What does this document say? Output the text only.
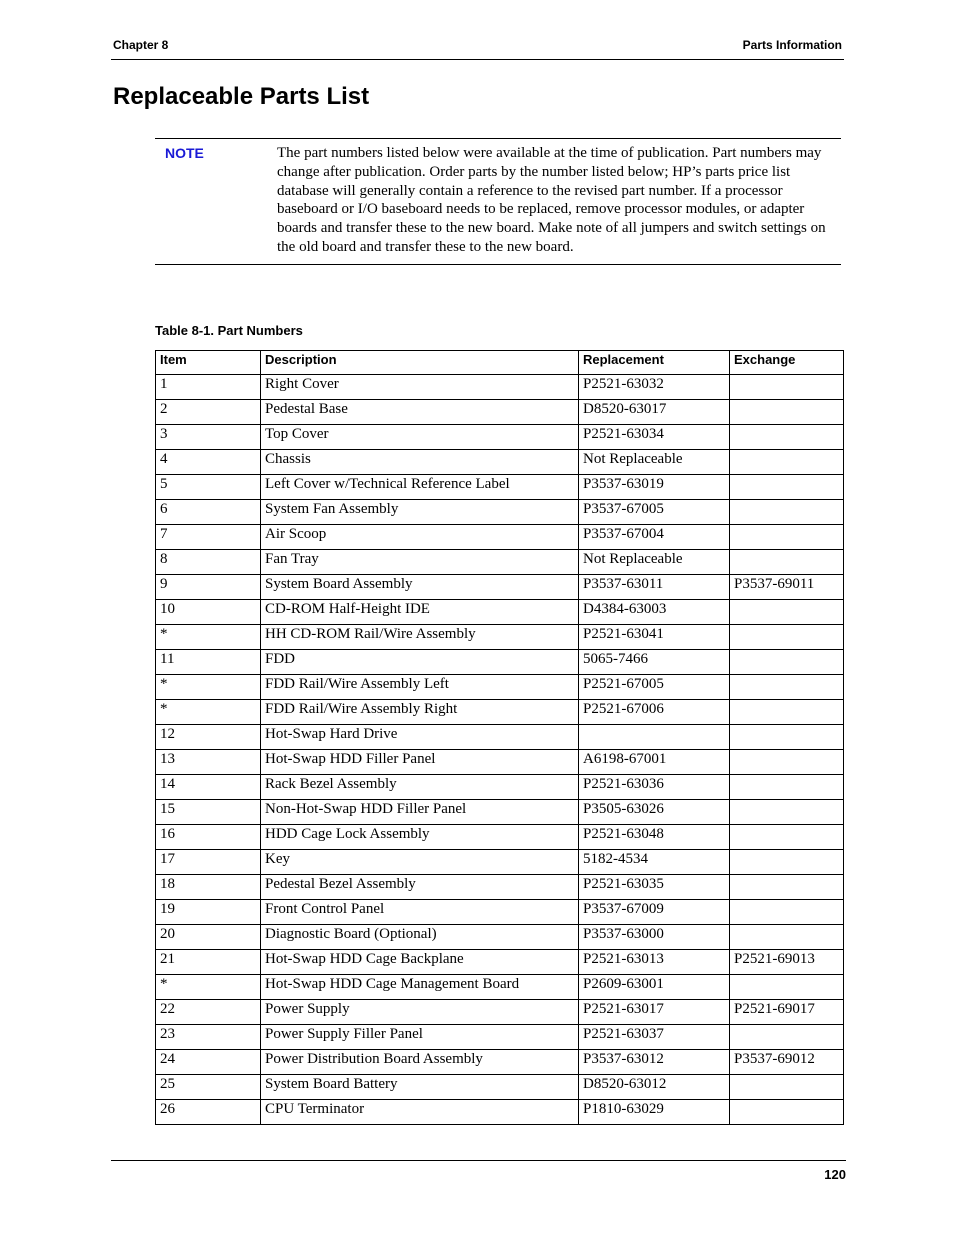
Chapter 8	Parts Information
Replaceable Parts List
NOTE	The part numbers listed below were available at the time of publication. Part numbers may change after publication. Order parts by the number listed below; HP’s parts price list database will generally contain a reference to the revised part number. If a processor baseboard or I/O baseboard needs to be replaced, remove processor modules, or adapter boards and transfer these to the new board. Make note of all jumpers and switch settings on the old board and transfer these to the new board.
Table 8-1. Part Numbers
Item	Description	Replacement	Exchange
1	Right Cover	P2521-63032	
2	Pedestal Base	D8520-63017	
3	Top Cover	P2521-63034	
4	Chassis	Not Replaceable	
5	Left Cover w/Technical Reference Label	P3537-63019	
6	System Fan Assembly	P3537-67005	
7	Air Scoop	P3537-67004	
8	Fan Tray	Not Replaceable	
9	System Board Assembly	P3537-63011	P3537-69011
10	CD-ROM Half-Height IDE	D4384-63003	
*	HH CD-ROM Rail/Wire Assembly	P2521-63041	
11	FDD	5065-7466	
*	FDD Rail/Wire Assembly Left	P2521-67005	
*	FDD Rail/Wire Assembly Right	P2521-67006	
12	Hot-Swap Hard Drive		
13	Hot-Swap HDD Filler Panel	A6198-67001	
14	Rack Bezel Assembly	P2521-63036	
15	Non-Hot-Swap HDD Filler Panel	P3505-63026	
16	HDD Cage Lock Assembly	P2521-63048	
17	Key	5182-4534	
18	Pedestal Bezel Assembly	P2521-63035	
19	Front Control Panel	P3537-67009	
20	Diagnostic Board (Optional)	P3537-63000	
21	Hot-Swap HDD Cage Backplane	P2521-63013	P2521-69013
*	Hot-Swap HDD Cage Management Board	P2609-63001	
22	Power Supply	P2521-63017	P2521-69017
23	Power Supply Filler Panel	P2521-63037	
24	Power Distribution Board Assembly	P3537-63012	P3537-69012
25	System Board Battery	D8520-63012	
26	CPU Terminator	P1810-63029	
120
